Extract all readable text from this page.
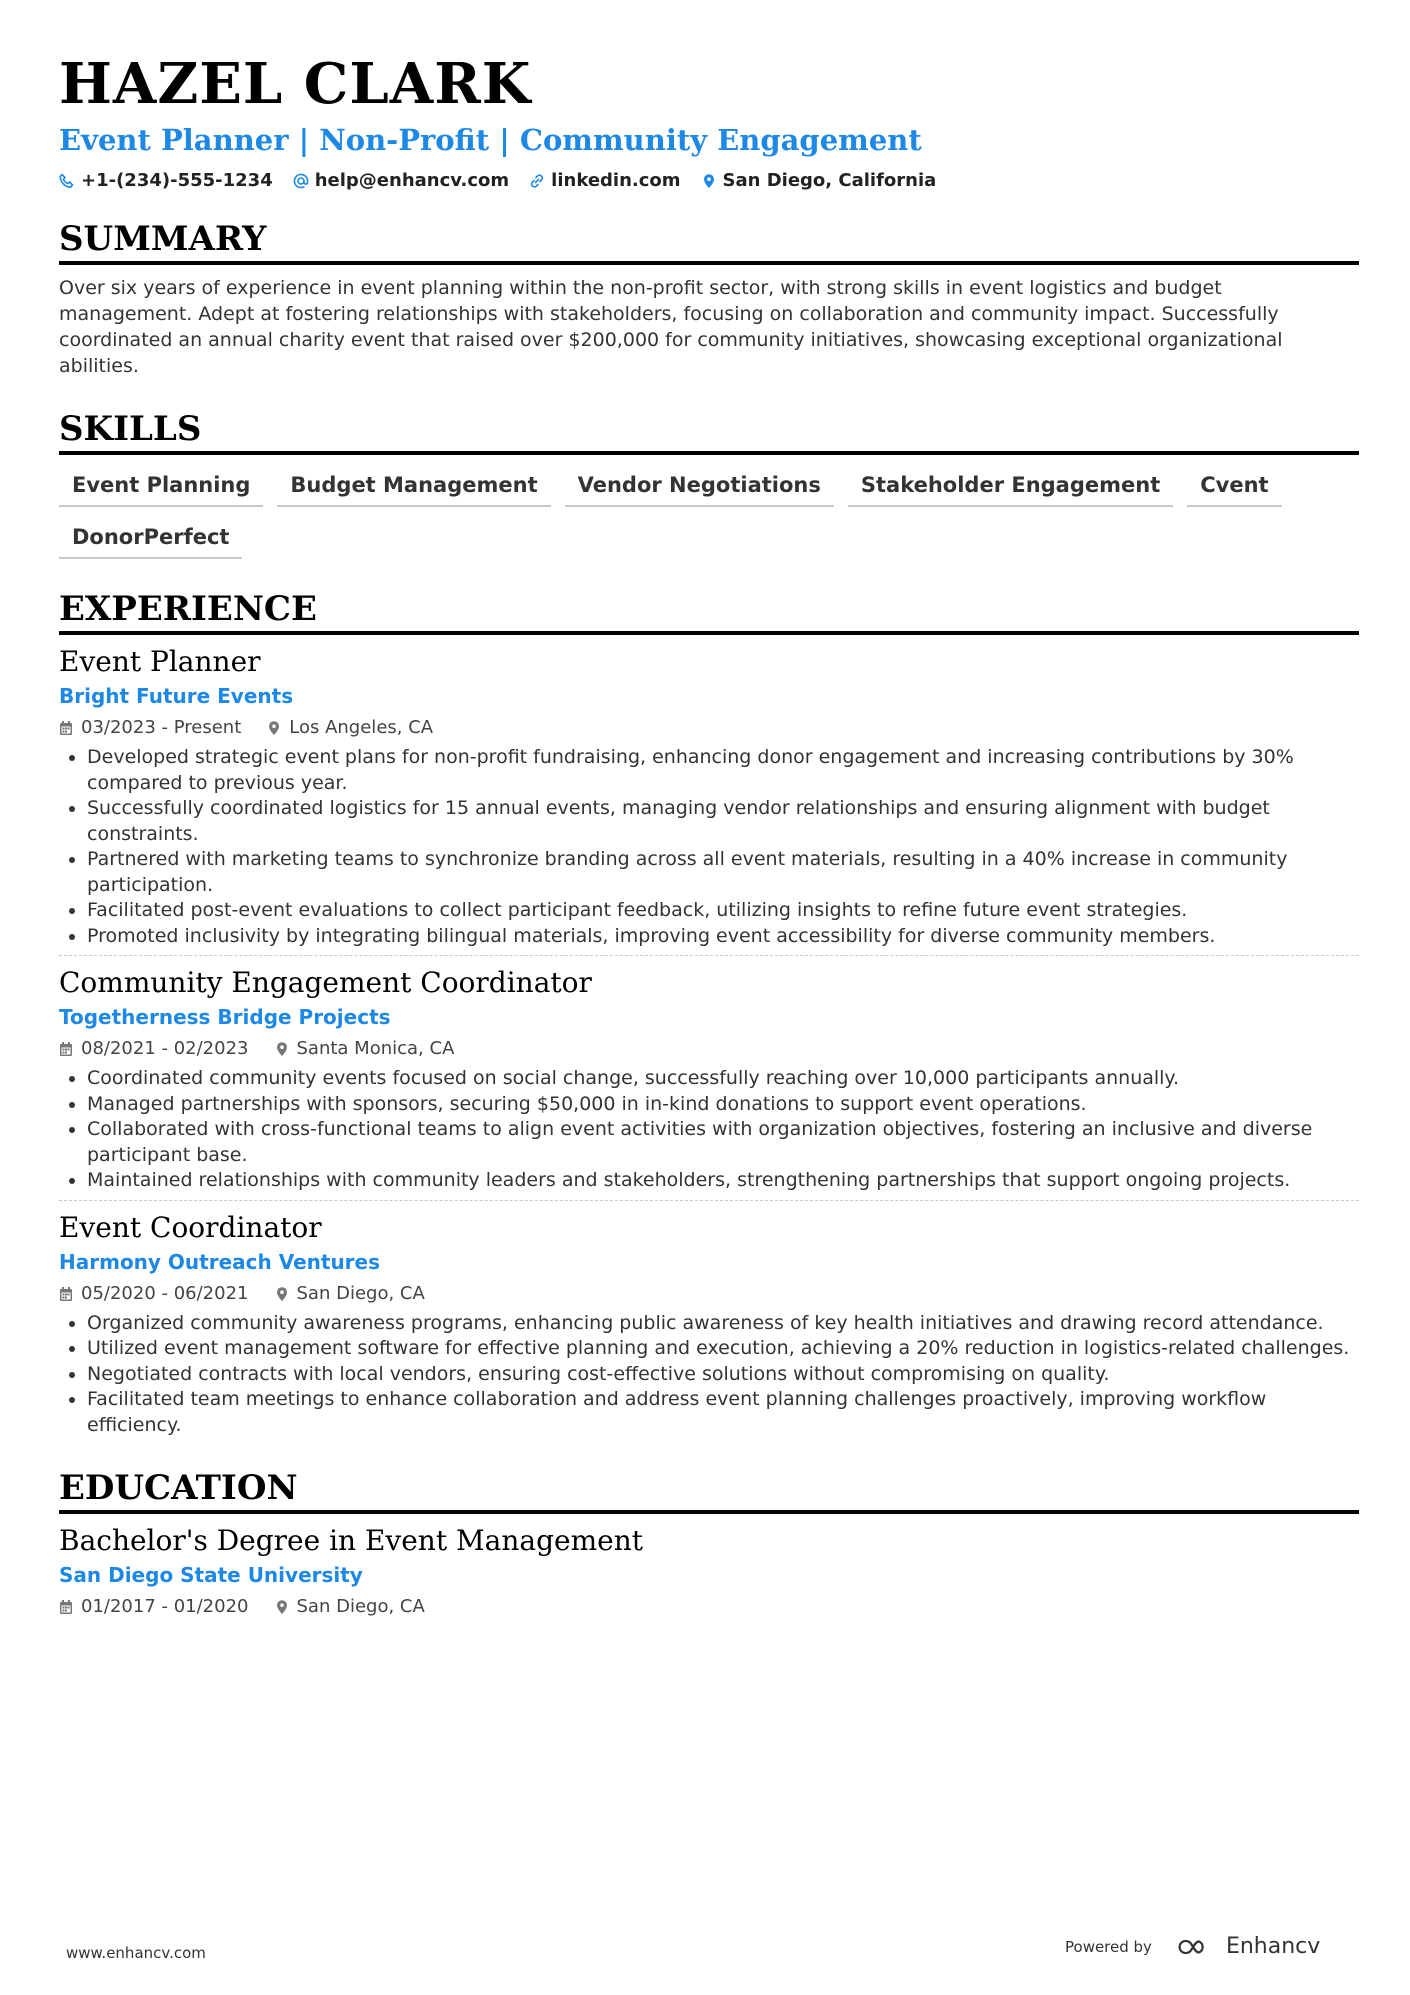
HAZEL CLARK
Event Planner | Non-Profit | Community Engagement
+1-(234)-555-1234 help@enhancv.com linkedin.com San Diego, California
SUMMARY
Over six years of experience in event planning within the non-profit sector, with strong skills in event logistics and budget management. Adept at fostering relationships with stakeholders, focusing on collaboration and community impact. Successfully coordinated an annual charity event that raised over $200,000 for community initiatives, showcasing exceptional organizational abilities.
SKILLS
Event Planning	Budget Management	Vendor Negotiations	Stakeholder Engagement	Cvent
DonorPerfect
EXPERIENCE
Event Planner
Bright Future Events
03/2023 - Present	Los Angeles, CA
• Developed strategic event plans for non-profit fundraising, enhancing donor engagement and increasing contributions by 30% compared to previous year.
• Successfully coordinated logistics for 15 annual events, managing vendor relationships and ensuring alignment with budget constraints.
• Partnered with marketing teams to synchronize branding across all event materials, resulting in a 40% increase in community participation.
• Facilitated post-event evaluations to collect participant feedback, utilizing insights to refine future event strategies.
• Promoted inclusivity by integrating bilingual materials, improving event accessibility for diverse community members.
Community Engagement Coordinator
Togetherness Bridge Projects
08/2021 - 02/2023	Santa Monica, CA
• Coordinated community events focused on social change, successfully reaching over 10,000 participants annually.
• Managed partnerships with sponsors, securing $50,000 in in-kind donations to support event operations.
• Collaborated with cross-functional teams to align event activities with organization objectives, fostering an inclusive and diverse participant base.
• Maintained relationships with community leaders and stakeholders, strengthening partnerships that support ongoing projects.
Event Coordinator
Harmony Outreach Ventures
05/2020 - 06/2021	San Diego, CA
• Organized community awareness programs, enhancing public awareness of key health initiatives and drawing record attendance.
• Utilized event management software for effective planning and execution, achieving a 20% reduction in logistics-related challenges.
• Negotiated contracts with local vendors, ensuring cost-effective solutions without compromising on quality.
• Facilitated team meetings to enhance collaboration and address event planning challenges proactively, improving workflow efficiency.
EDUCATION
Bachelor's Degree in Event Management
San Diego State University
01/2017 - 01/2020	San Diego, CA
www.enhancv.com	Powered by	Enhancv
